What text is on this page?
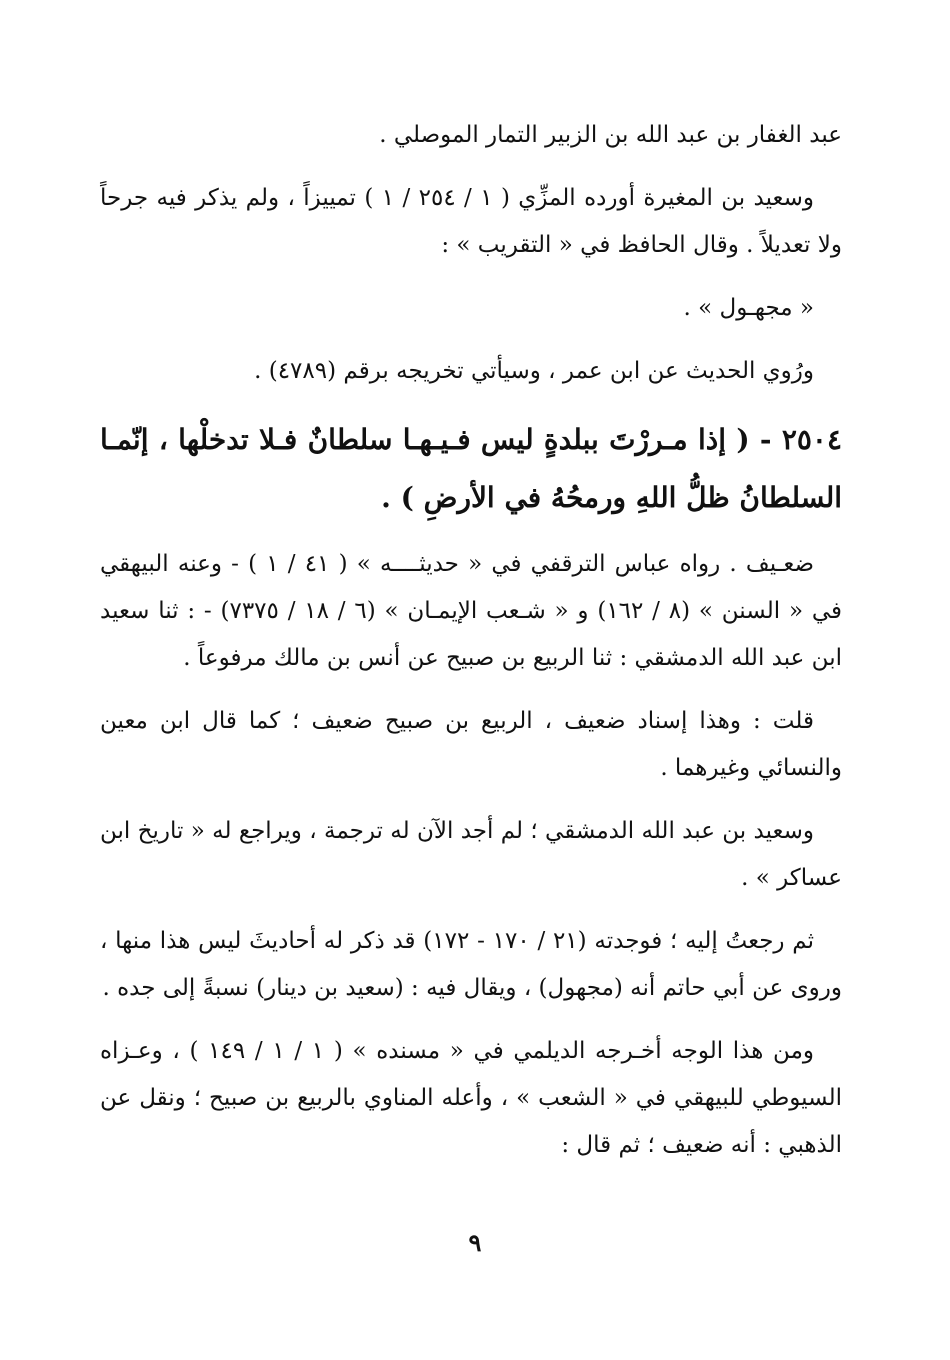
عبد الغفار بن عبد الله بن الزبير التمار الموصلي .

وسعيد بن المغيرة أورده المزِّي ( ١ / ٢٥٤ / ١ ) تمييزاً ، ولم يذكر فيه جرحاً ولا تعديلاً . وقال الحافظ في « التقريب » :

« مجهـول » .

ورُوي الحديث عن ابن عمر ، وسيأتي تخريجه برقم (٤٧٨٩) .

٢٥٠٤ - ( إذا مـررْتَ ببلدةٍ ليس فـيـهـا سلطانٌ فـلا تدخلْها ، إنّمـا السلطانُ ظلُّ اللهِ ورمحُهُ في الأرضِ ) .

ضعـيف . رواه عباس الترقفي في « حديثــــه » ( ٤١ / ١ ) - وعنه البيهقي في « السنن » (٨ / ١٦٢) و « شـعب الإيمـان » (٦ / ١٨ / ٧٣٧٥) - : ثنا سعيد ابن عبد الله الدمشقي : ثنا الربيع بن صبيح عن أنس بن مالك مرفوعاً .

قلت : وهذا إسناد ضعيف ، الربيع بن صبيح ضعيف ؛ كما قال ابن معين والنسائي وغيرهما .

وسعيد بن عبد الله الدمشقي ؛ لم أجد الآن له ترجمة ، ويراجع له « تاريخ ابن عساكر » .

ثم رجعتُ إليه ؛ فوجدته (٢١ / ١٧٠ - ١٧٢) قد ذكر له أحاديثَ ليس هذا منها ، وروى عن أبي حاتم أنه (مجهول) ، ويقال فيه : (سعيد بن دينار) نسبةً إلى جده .

ومن هذا الوجه أخـرجه الديلمي في « مسنده » ( ١ / ١ / ١٤٩ ) ، وعـزاه السيوطي للبيهقي في « الشعب » ، وأعله المناوي بالربيع بن صبيح ؛ ونقل عن الذهبي : أنه ضعيف ؛ ثم قال :

٩
